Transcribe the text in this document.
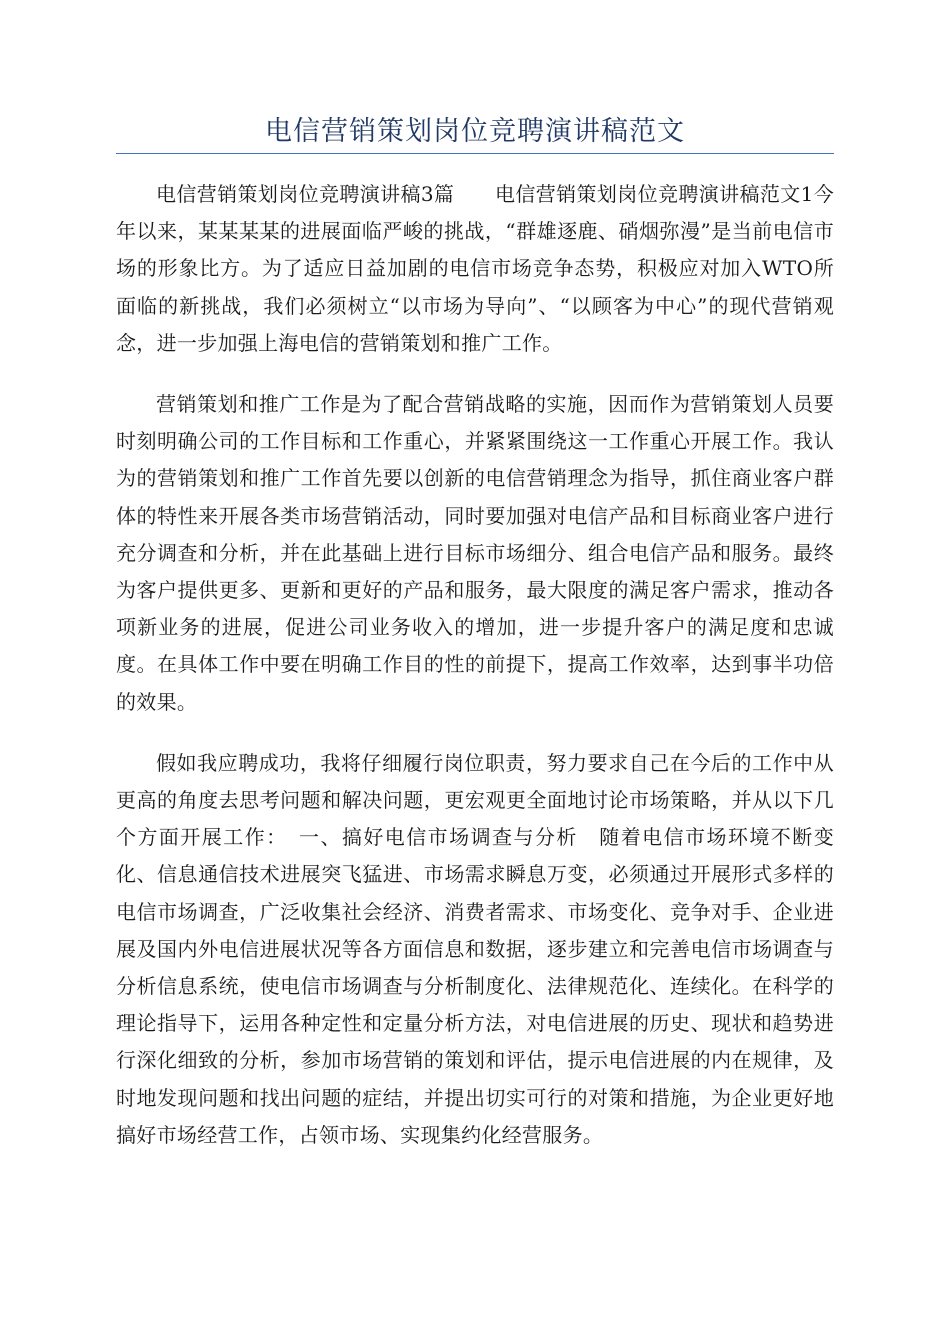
电信营销策划岗位竞聘演讲稿范文

电信营销策划岗位竞聘演讲稿3篇　　电信营销策划岗位竞聘演讲稿范文1今年以来，某某某某的进展面临严峻的挑战，“群雄逐鹿、硝烟弥漫”是当前电信市场的形象比方。为了适应日益加剧的电信市场竞争态势，积极应对加入WTO所面临的新挑战，我们必须树立“以市场为导向”、“以顾客为中心”的现代营销观念，进一步加强上海电信的营销策划和推广工作。

营销策划和推广工作是为了配合营销战略的实施，因而作为营销策划人员要时刻明确公司的工作目标和工作重心，并紧紧围绕这一工作重心开展工作。我认为的营销策划和推广工作首先要以创新的电信营销理念为指导，抓住商业客户群体的特性来开展各类市场营销活动，同时要加强对电信产品和目标商业客户进行充分调查和分析，并在此基础上进行目标市场细分、组合电信产品和服务。最终为客户提供更多、更新和更好的产品和服务，最大限度的满足客户需求，推动各项新业务的进展，促进公司业务收入的增加，进一步提升客户的满足度和忠诚度。在具体工作中要在明确工作目的性的前提下，提高工作效率，达到事半功倍的效果。

假如我应聘成功，我将仔细履行岗位职责，努力要求自己在今后的工作中从更高的角度去思考问题和解决问题，更宏观更全面地讨论市场策略，并从以下几个方面开展工作：　一、搞好电信市场调查与分析　随着电信市场环境不断变化、信息通信技术进展突飞猛进、市场需求瞬息万变，必须通过开展形式多样的电信市场调查，广泛收集社会经济、消费者需求、市场变化、竞争对手、企业进展及国内外电信进展状况等各方面信息和数据，逐步建立和完善电信市场调查与分析信息系统，使电信市场调查与分析制度化、法律规范化、连续化。在科学的理论指导下，运用各种定性和定量分析方法，对电信进展的历史、现状和趋势进行深化细致的分析，参加市场营销的策划和评估，提示电信进展的内在规律，及时地发现问题和找出问题的症结，并提出切实可行的对策和措施，为企业更好地搞好市场经营工作，占领市场、实现集约化经营服务。
